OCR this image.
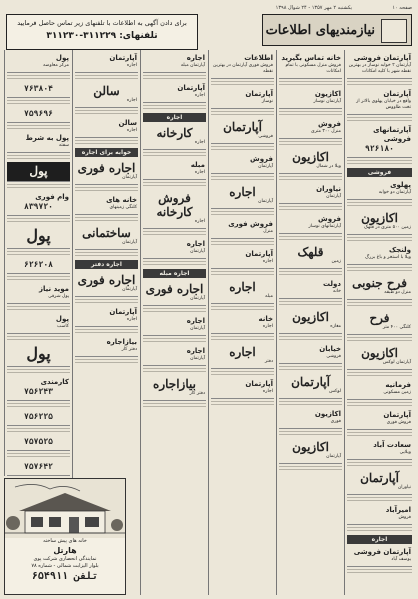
صفحه ۱۰
یکشنبه ۲ مهر ۱۳۵۷ - ۲۴ شوال ۱۳۹۸
برای دادن آگهی به اطلاعات با تلفنهای زیر تماس حاصل فرمایید
تلفنهای: ۳۱۱۲۲۹-۳۱۱۲۳۰	نیازمندیهای اطلاعات
آپارتمان فروشی
آپارتمان ۲ خوابه نوساز در بهترین نقطه شهر با کلیه امکانات
آپارتمان
واقع در خیابان پهلوی بالاتر از تخت طاووس
آپارتمانهای فروشی
۹۲۶۱۸۰
فروشی
پهلوی
آپارتمان دو خوابه
اکازیون
زمین ۵۰۰ متری در قلهک
ولنجک
ویلا با استخر و باغ بزرگ
فرح جنوبی
منزل دو طبقه
فرح
کلنگی ۴۰۰ متر
اکازیون
آپارتمان لوکس
فرمانیه
زمین مسکونی
آپارتمان
فروش فوری
سعادت آباد
ویلایی
آپارتمان
نیاوران
امیرآباد
فروش
اجاره
آپارتمان فروشی
یوسف آباد
خانه تماس بگیرید
فروش منزل مسکونی با تمام امکانات
اکازیون
آپارتمان نوساز
فروش
منزل ۳۰۰ متری
اکازیون
ویلا در شمال
نیاوران
آپارتمان
فروش
آپارتمانهای نوساز
قلهک
زمین
دولت
خانه
اکازیون
مغازه
خیابان
فروشی
آپارتمان
لوکس
اکازیون
فوری
اکازیون
آپارتمان
اطلاعات
فروش فوری آپارتمان در بهترین نقطه
آپارتمان
نوساز
آپارتمان
فروشی
فروش
آپارتمان
اجاره
آپارتمان
فروش فوری
منزل
آپارتمان
اجاره
اجاره
مبله
خانه
اجاره
اجاره
دفتر
آپارتمان
اجاره
اجاره
آپارتمان مبله
آپارتمان
اجاره
اجاره
کارخانه
اجاره
مبله
اجاره
فروش کارخانه
اجاره
اجاره
آپارتمان
اجاره مبله
اجاره فوری
آپارتمان
اجاره
آپارتمان
اجاره
آپارتمان
بیازاجاره
دفتر کار
آپارتمان
اجاره
سالن
اجاره
سالن
اجاره
خوابه برای اجاره
اجاره فوری
آپارتمان
خانه های
کلنگی زمینهای
ساختمانی
آپارتمان
اجاره دفتر
اجاره فوری
آپارتمان
آپارتمان
اجاره
بیازاجاره
دفتر کار
پول
مرکز معاوضه
۷۶۳۸۰۴
۷۵۹۶۹۶
پول به شرط
سفته
پول
وام فوری
۸۳۹۷۲۰
پول
۶۲۶۲۰۸
موید نیاز
پول شرقی
پول
کاسب
پول
کارمندی
۷۵۶۲۴۳
۷۵۶۲۲۵
۷۵۷۵۲۵
۷۵۷۶۴۲
خانه های پیش ساخته
هارتل
نمایندگی انحصاری شرکت پوی
بلوار الیزابت شمالی - شماره ۷۸
تلفن ۶۵۴۹۱۱
